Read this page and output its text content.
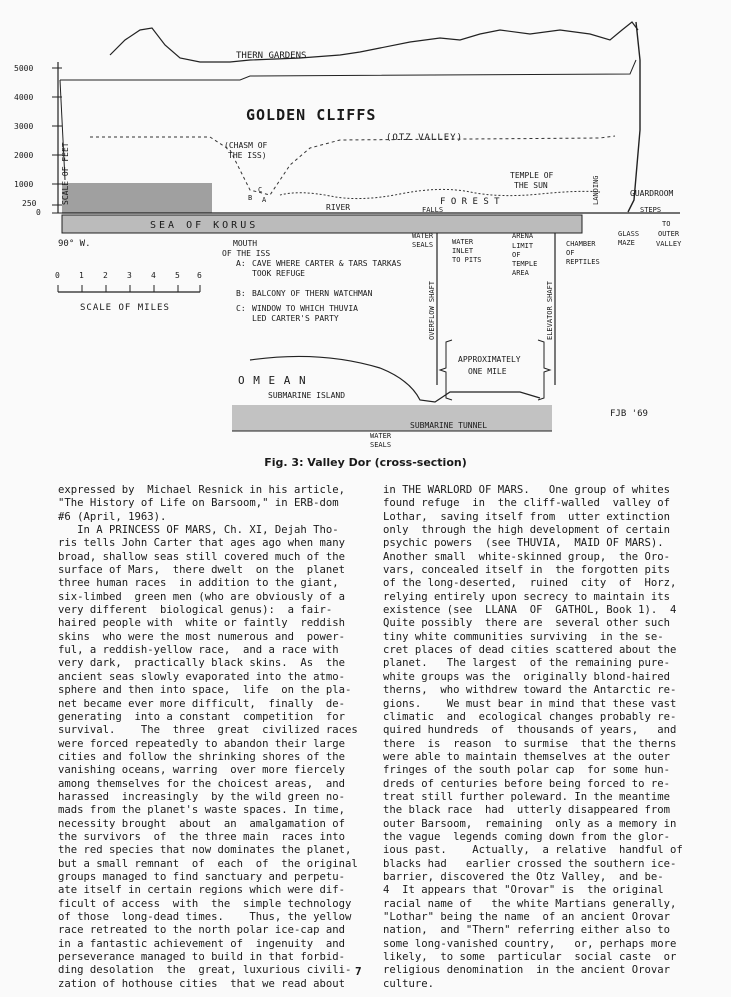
5000
4000
3000
2000
1000
250
0
SCALE OF FEET
0 1 2 3 4 5 6
SCALE OF MILES
THERN GARDENS
GOLDEN CLIFFS
(CHASM OF
THE ISS)
(OTZ VALLEY)
TEMPLE OF
THE SUN
GUARDROOM
LANDING
STEPS
RIVER	FALLS
F O R E S T
SEA OF KORUS	TO
OUTER
VALLEY
MOUTH
OF THE ISS
90° W.
A
B
C
ARENA
O M E A N
SUBMARINE ISLAND
SUBMARINE TUNNEL
APPROXIMATELY
ONE MILE
FJB '69
OVERFLOW SHAFT	ELEVATOR SHAFT
A:
B:
C:
WATER SEALS	WATER INLET TO PITS
LIMIT OF TEMPLE AREA
CHAMBER OF REPTILES
GLASS MAZE
WATER SEALS
CAVE WHERE CARTER & TARS TARKAS TOOK REFUGE
BALCONY OF THERN WATCHMAN
WINDOW TO WHICH THUVIA LED CARTER'S PARTY
Fig. 3: Valley Dor (cross-section)

expressed by  Michael Resnick in his article,

"The History of Life on Barsoom," in ERB-dom

#6 (April, 1963).

In A PRINCESS OF MARS, Ch. XI, Dejah Tho-

ris tells John Carter that ages ago when many

broad, shallow seas still covered much of the

surface of Mars,  there dwelt  on the  planet

three human races  in addition to the giant,

six-limbed  green men (who are obviously of a

very different  biological genus):  a fair-

haired people with  white or faintly  reddish

skins  who were the most numerous and  power-

ful, a reddish-yellow race,  and a race with

very dark,  practically black skins.  As  the

ancient seas slowly evaporated into the atmo-

sphere and then into space,  life  on the pla-

net became ever more difficult,  finally  de-

generating  into a constant  competition  for

survival.    The  three  great  civilized races

were forced repeatedly to abandon their large

cities and follow the shrinking shores of the

vanishing oceans, warring  over more fiercely

among themselves for the choicest areas,  and

harassed  increasingly  by the wild green no-

mads from the planet's waste spaces. In time,

necessity brought  about  an  amalgamation of

the survivors  of  the three main  races into

the red species that now dominates the planet,

but a small remnant  of  each  of  the original

groups managed to find sanctuary and perpetu-

ate itself in certain regions which were dif-

ficult of access  with  the  simple technology

of those  long-dead times.    Thus, the yellow

race retreated to the north polar ice-cap and

in a fantastic achievement of  ingenuity  and

perseverance managed to build in that forbid-

ding desolation  the  great, luxurious civili-

zation of hothouse cities  that we read about

in THE WARLORD OF MARS.   One group of whites

found refuge  in  the cliff-walled  valley of

Lothar,  saving itself from  utter extinction

only  through the high development of certain

psychic powers  (see THUVIA,  MAID OF MARS).

Another small  white-skinned group,  the Oro-

vars, concealed itself in  the forgotten pits

of the long-deserted,  ruined  city  of  Horz,

relying entirely upon secrecy to maintain its

existence (see  LLANA  OF  GATHOL, Book 1).  4

Quite possibly  there are  several other such

tiny white communities surviving  in the se-

cret places of dead cities scattered about the

planet.   The largest  of the remaining pure-

white groups was the  originally blond-haired

therns,  who withdrew toward the Antarctic re-

gions.    We must bear in mind that these vast

climatic  and  ecological changes probably re-

quired hundreds  of  thousands of years,   and

there  is  reason  to surmise  that the therns

were able to maintain themselves at the outer

fringes of the south polar cap  for some hun-

dreds of centuries before being forced to re-

treat still further poleward. In the meantime

the black race  had  utterly disappeared from

outer Barsoom,  remaining  only as a memory in

the vague  legends coming down from the glor-

ious past.    Actually,  a relative  handful of

blacks had   earlier crossed the southern ice-

barrier, discovered the Otz Valley,  and be-

4  It appears that "Orovar" is  the original

racial name of   the white Martians generally,

"Lothar" being the name  of an ancient Orovar

nation,  and "Thern" referring either also to

some long-vanished country,   or, perhaps more

likely,  to some  particular  social caste  or

religious denomination  in the ancient Orovar

culture.

7
